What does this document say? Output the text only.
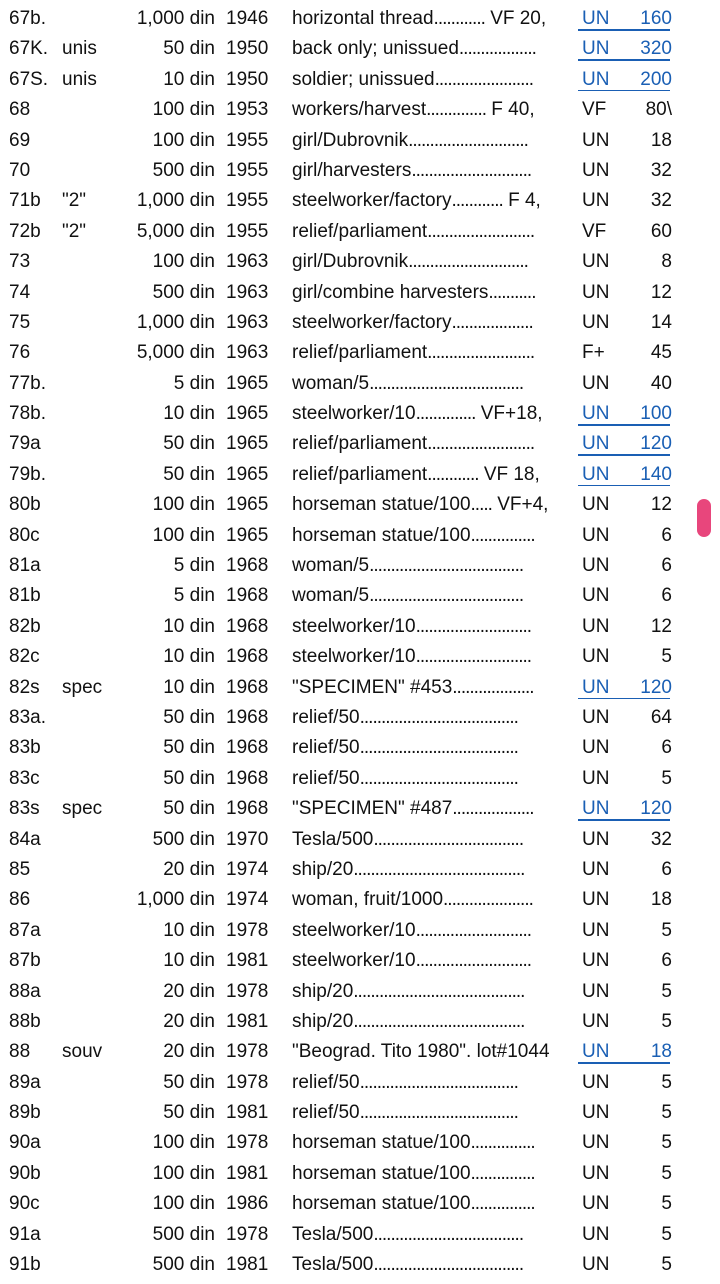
67b.	1,000 din 1946 horizontal thread............ VF 20, UN 160
67K. unis	50 din 1950 back only; unissued.................. UN 320
67S. unis	10 din 1950 soldier; unissued.......................	UN 200
68	100 din 1953 workers/harvest.............. F 40, VF 80\
69	100 din 1955 girl/Dubrovnik............................	UN 18
70	500 din 1955 girl/harvesters............................	UN 32
71b "2"	1,000 din 1955 steelworker/factory............ F 4, UN 32
72b "2"	5,000 din 1955 relief/parliament.........................	VF 60
73	100 din 1963 girl/Dubrovnik............................	UN	8
74	500 din 1963 girl/combine harvesters........... UN 12
75	1,000 din 1963 steelworker/factory...................	UN 14
76	5,000 din 1963 relief/parliament.........................	F+ 45
77b.	5 din 1965 woman/5....................................	UN 40
78b.	10 din 1965 steelworker/10.............. VF+18, UN 100
79a	50 din 1965 relief/parliament.........................	UN 120
79b.	50 din 1965 relief/parliament............ VF 18, UN 140
80b	100 din 1965 horseman statue/100..... VF+4, UN 12
80c	100 din 1965 horseman statue/100............... UN	6
81a	5 din 1968 woman/5....................................	UN	6
81b	5 din 1968 woman/5....................................	UN	6
82b	10 din 1968 steelworker/10...........................	UN 12
82c	10 din 1968 steelworker/10...........................	UN	5
82s spec	10 din 1968 "SPECIMEN" #453...................	UN 120
83a.	50 din 1968 relief/50.....................................	UN 64
83b	50 din 1968 relief/50.....................................	UN	6
83c	50 din 1968 relief/50.....................................	UN	5
83s spec	50 din 1968 "SPECIMEN" #487...................	UN 120
84a	500 din 1970 Tesla/500...................................	UN 32
85	20 din 1974 ship/20........................................	UN	6
86	1,000 din 1974 woman, fruit/1000.....................	UN 18
87a	10 din 1978 steelworker/10...........................	UN	5
87b	10 din 1981 steelworker/10...........................	UN	6
88a	20 din 1978 ship/20........................................	UN	5
88b	20 din 1981 ship/20........................................	UN	5
88 souv	20 din 1978 "Beograd. Tito 1980". lot#1044 UN 18
89a	50 din 1978 relief/50.....................................	UN	5
89b	50 din 1981 relief/50.....................................	UN	5
90a	100 din 1978 horseman statue/100............... UN	5
90b	100 din 1981 horseman statue/100............... UN	5
90c	100 din 1986 horseman statue/100............... UN	5
91a	500 din 1978 Tesla/500...................................	UN	5
91b	500 din 1981 Tesla/500...................................	UN	5
